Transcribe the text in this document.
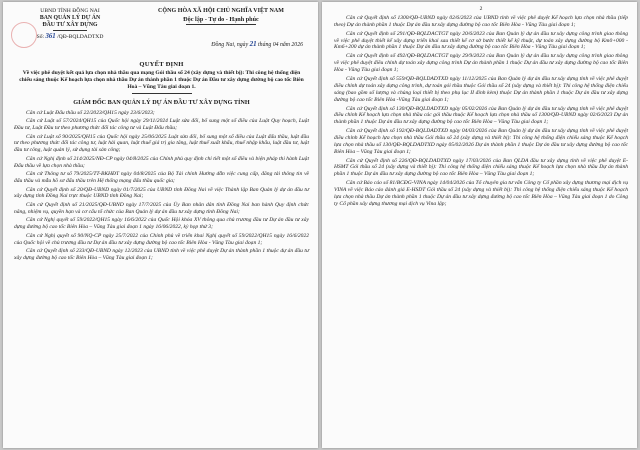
UBND TỈNH ĐỒNG NAI
BAN QUẢN LÝ DỰ ÁN
ĐẦU TƯ XÂY DỰNG
Số: 361 /QĐ-BQLDADTXD
CỘNG HÒA XÃ HỘI CHỦ NGHĨA VIỆT NAM
Độc lập - Tự do - Hạnh phúc
Đồng Nai, ngày 21 tháng 04 năm 2026
QUYẾT ĐỊNH
Về việc phê duyệt kết quả lựa chọn nhà thầu qua mạng Gói thầu số 24 (xây dựng và thiết bị): Thi công hệ thống điện chiếu sáng thuộc Kế hoạch lựa chọn nhà thầu Dự án thành phần 1 thuộc Dự án Đầu tư xây dựng đường bộ cao tốc Biên Hoà – Vũng Tàu giai đoạn 1.
GIÁM ĐỐC BAN QUẢN LÝ DỰ ÁN ĐẦU TƯ XÂY DỰNG TỈNH

Căn cứ Luật Đấu thầu số 22/2023/QH15 ngày 23/6/2023;

Căn cứ Luật số 57/2024/QH15 của Quốc hội ngày 29/11/2024 Luật sửa đổi, bổ sung một số điều của Luật Quy hoạch, Luật Đầu tư, Luật Đầu tư theo phương thức đối tác công tư và Luật Đấu thầu;

Căn cứ Luật số 90/2025/QH15 của Quốc hội ngày 25/06/2025 Luật sửa đổi, bổ sung một số điều của Luật đấu thầu, luật đầu tư theo phương thức đối tác công tư, luật hải quan, luật thuế giá trị gia tăng, luật thuế xuất khẩu, thuế nhập khẩu, luật đầu tư, luật đầu tư công, luật quản lý, sử dụng tài sản công;

Căn cứ Nghị định số 214/2025/NĐ-CP ngày 04/8/2025 của Chính phủ quy định chi tiết một số điều và biện pháp thi hành Luật Đấu thầu về lựa chọn nhà thầu;

Căn cứ Thông tư số 79/2025/TT-BKHĐT ngày 04/8/2025 của Bộ Tài chính Hướng dẫn việc cung cấp, đăng tải thông tin về đấu thầu và mẫu hồ sơ đấu thầu trên Hệ thống mạng đấu thầu quốc gia;

Căn cứ Quyết định số 20/QĐ-UBND ngày 01/7/2025 của UBND tỉnh Đồng Nai về việc Thành lập Ban Quản lý dự án đầu tư xây dựng tỉnh Đồng Nai trực thuộc UBND tỉnh Đồng Nai;

Căn cứ Quyết định số 21/2025/QĐ-UBND ngày 17/7/2025 của Ủy Ban nhân dân tỉnh Đồng Nai ban hành Quy định chức năng, nhiệm vụ, quyền hạn và cơ cấu tổ chức của Ban Quản lý dự án đầu tư xây dựng tỉnh Đồng Nai;

Căn cứ Nghị quyết số 59/2022/QH15 ngày 16/6/2022 của Quốc Hội khóa XV thông qua chủ trương đầu tư Dự án đầu tư xây dựng đường bộ cao tốc Biên Hòa – Vũng Tàu giai đoạn 1 ngày 16/06/2022, kỳ họp thứ 3;

Căn cứ Nghị quyết số 90/NQ-CP ngày 25/7/2022 của Chính phủ về triển khai Nghị quyết số 59/2022/QH15 ngày 16/6/2022 của Quốc hội về chủ trương đầu tư Dự án đầu tư xây dựng đường bộ cao tốc Biên Hòa - Vũng Tàu giai đoạn 1;

Căn cứ Quyết định số 233/QĐ-UBND ngày 12/2023 của UBND tỉnh về việc phê duyệt Dự án thành phần 1 thuộc dự án đầu tư xây dựng đường bộ cao tốc Biên Hòa – Vũng Tàu giai đoạn 1;

2

Căn cứ Quyết định số 1300/QĐ-UBND ngày 02/6/2023 của UBND tỉnh về việc phê duyệt Kế hoạch lựa chọn nhà thầu (tiếp theo) Dự án thành phần 1 thuộc Dự án đầu tư xây dựng đường bộ cao tốc Biên Hòa - Vũng Tàu giai đoạn 1;

Căn cứ Quyết định số 291/QĐ-BQLDACTGT ngày 20/6/2023 của Ban Quản lý dự án đầu tư xây dựng công trình giao thông về việc phê duyệt thiết kế xây dựng triển khai sau thiết kế cơ sở bước thiết kế kỹ thuật, dự toán xây dựng đường bộ Km0+000 - Km6+200 dự án thành phần 1 thuộc Dự án đầu tư xây dựng đường bộ cao tốc Biên Hòa - Vũng Tàu giai đoạn 1;

Căn cứ Quyết định số 492/QĐ-BQLDACTGT ngày 29/9/2023 của Ban Quản lý dự án đầu tư xây dựng công trình giao thông về việc phê duyệt điều chỉnh dự toán xây dựng công trình Dự án thành phần 1 thuộc Dự án đầu tư xây dựng đường bộ cao tốc Biên Hòa - Vũng Tàu giai đoạn 1;

Căn cứ Quyết định số 559/QĐ-BQLDADTXD ngày 11/12/2025 của Ban Quản lý dự án đầu tư xây dựng tỉnh về việc phê duyệt điều chỉnh dự toán xây dựng công trình, dự toán gói thầu thuộc Gói thầu số 24 (xây dựng và thiết bị): Thi công hệ thống điện chiếu sáng (bao gồm số lượng và chủng loại thiết bị theo phụ lục II đính kèm) thuộc Dự án thành phần 1 thuộc Dự án đầu tư xây dựng đường bộ cao tốc Biên Hòa -Vũng Tàu giai đoạn 1;

Căn cứ Quyết định số 130/QĐ-BQLDADTXD ngày 05/02/2026 của Ban Quản lý dự án đầu tư xây dựng tỉnh về việc phê duyệt điều chỉnh Kế hoạch lựa chọn nhà thầu các gói thầu thuộc Kế hoạch lựa chọn nhà thầu số 1300/QĐ-UBND ngày 02/6/2023 Dự án thành phần 1 thuộc Dự án đầu tư xây dựng đường bộ cao tốc Biên Hòa – Vũng Tàu giai đoạn 1;

Căn cứ Quyết định số 192/QĐ-BQLDADTXD ngày 04/03/2026 của Ban Quản lý dự án đầu tư xây dựng tỉnh về việc phê duyệt điều chỉnh Kế hoạch lựa chọn nhà thầu Gói thầu số 24 (xây dựng và thiết bị): Thi công hệ thống điện chiếu sáng thuộc Kế hoạch lựa chọn nhà thầu số 130/QĐ-BQLDADTXD ngày 05/02/2026 Dự án thành phần 1 thuộc Dự án đầu tư xây dựng đường bộ cao tốc Biên Hòa – Vũng Tàu giai đoạn 1;

Căn cứ Quyết định số 226/QĐ-BQLDADTXD ngày 17/03/2026 của Ban QLDA đầu tư xây dựng tỉnh về việc phê duyệt E-HSMT Gói thầu số 24 (xây dựng và thiết bị): Thi công hệ thống điện chiếu sáng thuộc Kế hoạch lựa chọn nhà thầu Dự án thành phần 1 thuộc Dự án đầu tư xây dựng đường bộ cao tốc Biên Hòa – Vũng Tàu giai đoạn 1;

Căn cứ Báo cáo số 81/BCĐG-VINA ngày 14/04/2026 của Tổ chuyên gia tư vấn Công ty Cổ phần xây dựng thương mại dịch vụ VINA về việc Báo cáo đánh giá E-HSDT Gói thầu số 24 (xây dựng và thiết bị): Thi công hệ thống điện chiếu sáng thuộc Kế hoạch lựa chọn nhà thầu Dự án thành phần 1 thuộc Dự án đầu tư xây dựng đường bộ cao tốc Biên Hòa – Vũng Tàu giai đoạn 1 do Công ty Cổ phần xây dựng thương mại dịch vụ Vina lập;
